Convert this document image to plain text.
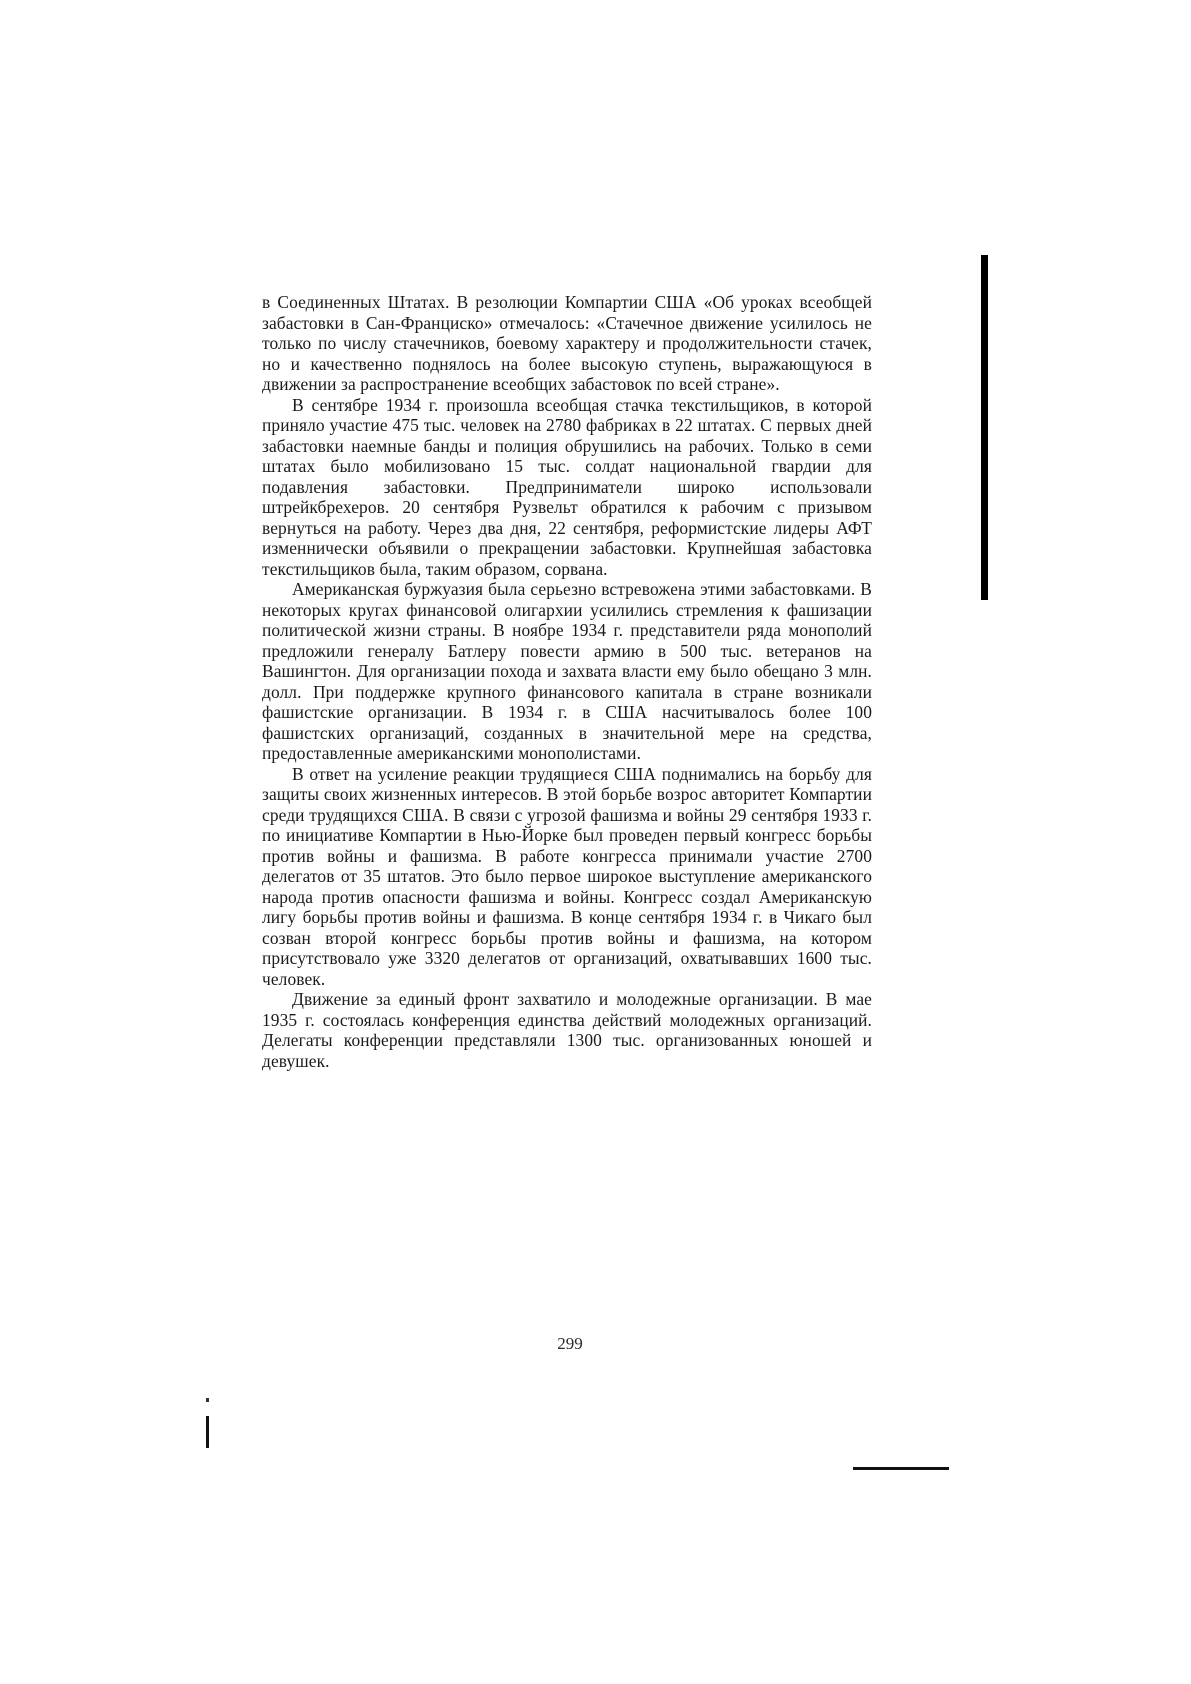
в Соединенных Штатах. В резолюции Компартии США «Об уроках всеобщей забастовки в Сан-Франциско» отмечалось: «Стачечное движение усилилось не только по числу стачечников, боевому характеру и продолжительности стачек, но и качественно поднялось на более высокую ступень, выражающуюся в движении за распространение всеобщих забастовок по всей стране».

В сентябре 1934 г. произошла всеобщая стачка текстильщиков, в которой приняло участие 475 тыс. человек на 2780 фабриках в 22 штатах. С первых дней забастовки наемные банды и полиция обрушились на рабочих. Только в семи штатах было мобилизовано 15 тыс. солдат национальной гвардии для подавления забастовки. Предприниматели широко использовали штрейкбрехеров. 20 сентября Рузвельт обратился к рабочим с призывом вернуться на работу. Через два дня, 22 сентября, реформистские лидеры АФТ изменнически объявили о прекращении забастовки. Крупнейшая забастовка текстильщиков была, таким образом, сорвана.

Американская буржуазия была серьезно встревожена этими забастовками. В некоторых кругах финансовой олигархии усилились стремления к фашизации политической жизни страны. В ноябре 1934 г. представители ряда монополий предложили генералу Батлеру повести армию в 500 тыс. ветеранов на Вашингтон. Для организации похода и захвата власти ему было обещано 3 млн. долл. При поддержке крупного финансового капитала в стране возникали фашистские организации. В 1934 г. в США насчитывалось более 100 фашистских организаций, созданных в значительной мере на средства, предоставленные американскими монополистами.

В ответ на усиление реакции трудящиеся США поднимались на борьбу для защиты своих жизненных интересов. В этой борьбе возрос авторитет Компартии среди трудящихся США. В связи с угрозой фашизма и войны 29 сентября 1933 г. по инициативе Компартии в Нью-Йорке был проведен первый конгресс борьбы против войны и фашизма. В работе конгресса принимали участие 2700 делегатов от 35 штатов. Это было первое широкое выступление американского народа против опасности фашизма и войны. Конгресс создал Американскую лигу борьбы против войны и фашизма. В конце сентября 1934 г. в Чикаго был созван второй конгресс борьбы против войны и фашизма, на котором присутствовало уже 3320 делегатов от организаций, охватывавших 1600 тыс. человек.

Движение за единый фронт захватило и молодежные организации. В мае 1935 г. состоялась конференция единства действий молодежных организаций. Делегаты конференции представляли 1300 тыс. организованных юношей и девушек.

299
